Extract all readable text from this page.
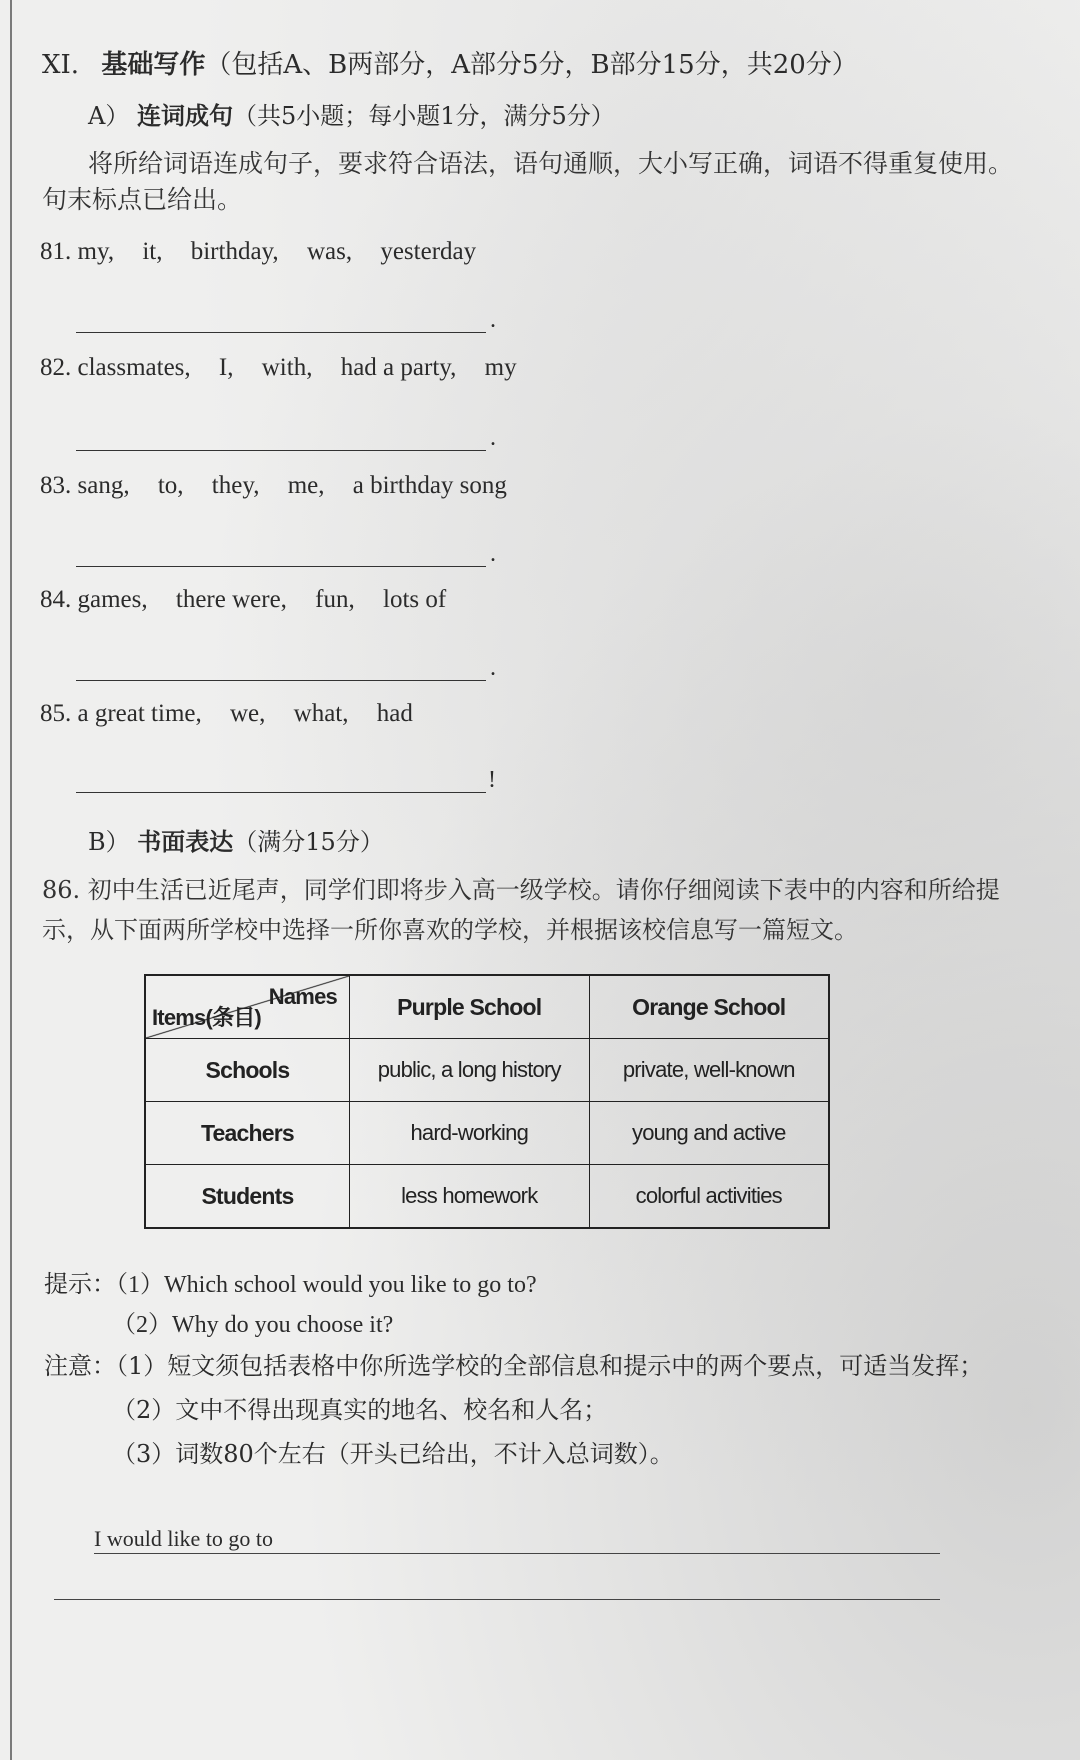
XI. 基础写作（包括A、B两部分，A部分5分，B部分15分，共20分）
A） 连词成句（共5小题；每小题1分，满分5分）
将所给词语连成句子，要求符合语法，语句通顺，大小写正确，词语不得重复使用。
句末标点已给出。
81. my, it, birthday, was, yesterday
.
82. classmates, I, with, had a party, my
.
83. sang, to, they, me, a birthday song
.
84. games, there were, fun, lots of
.
85. a great time, we, what, had
!
B） 书面表达（满分15分）
86. 初中生活已近尾声，同学们即将步入高一级学校。请你仔细阅读下表中的内容和所给提
示，从下面两所学校中选择一所你喜欢的学校，并根据该校信息写一篇短文。
Names
Items(条目)	Purple School	Orange School
Schools	public, a long history	private, well-known
Teachers	hard-working	young and active
Students	less homework	colorful activities
提示：（1）Which school would you like to go to?
（2）Why do you choose it?
注意：（1）短文须包括表格中你所选学校的全部信息和提示中的两个要点，可适当发挥；
（2）文中不得出现真实的地名、校名和人名；
（3）词数80个左右（开头已给出，不计入总词数）。
I would like to go to
